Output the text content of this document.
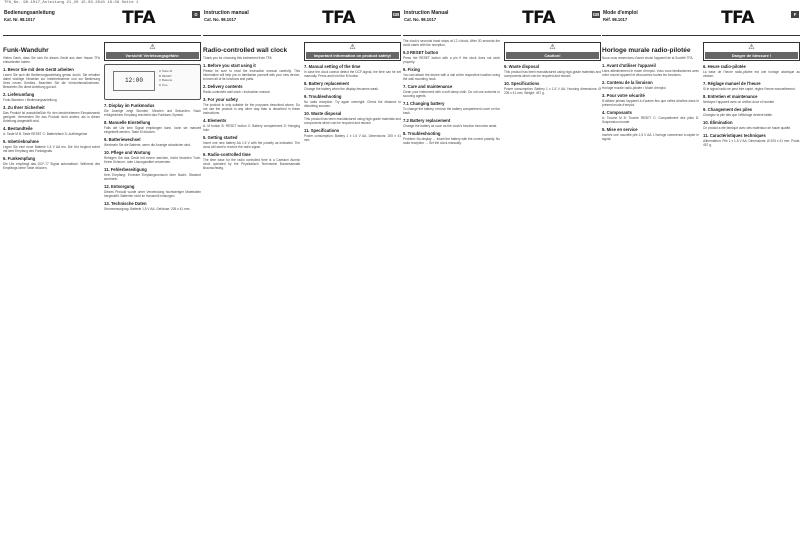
TFA_No. 98.1017_Anleitung 21_20 15.03.2010 16:38 Seite 1
Bedienungsanleitung
Kat. Nr. 98.1017	TFA	D
Funk-Wanduhr
Vielen Dank, dass Sie sich für dieses Gerät aus dem Hause TFA entschieden haben.
1. Bevor Sie mit dem Gerät arbeiten
Lesen Sie sich die Bedienungsanleitung genau durch. Sie erhalten dabei wichtige Hinweise zur Inbetriebnahme und zur Bedienung Ihres neuen Gerätes. Beachten Sie die Vorsichtsmaßnahmen. Bewahren Sie diese Anleitung gut auf.
2. Lieferumfang
Funk-Wanduhr • Bedienungsanleitung
3. Zu Ihrer Sicherheit
Das Produkt ist ausschließlich für den beschriebenen Einsatzzweck geeignet. Verwenden Sie das Produkt nicht anders, als in dieser Anleitung dargestellt wird.
4. Bestandteile
A: Taste M B: Taste RESET C: Batteriefach D: Aufhängeöse
5. Inbetriebnahme
Legen Sie eine neue Batterie 1,5 V AA ein. Die Uhr beginnt sofort mit dem Empfang des Funksignals.
6. Funkempfang
Die Uhr empfängt das DCF-77 Signal automatisch. Während des Empfangs keine Taste drücken.
⚠
Vorsicht! Verletzungsgefahr:
12:00
A Taste M
B RESET
C Batterie
D Öse
7. Display im Funkmodus
Die Anzeige zeigt Stunden, Minuten und Sekunden. Nach erfolgreichem Empfang erscheint das Funkturm-Symbol.
8. Manuelle Einstellung
Falls die Uhr kein Signal empfangen kann, kann sie manuell eingestellt werden. Taste M drücken.
9. Batteriewechsel
Wechseln Sie die Batterie, wenn die Anzeige schwächer wird.
10. Pflege und Wartung
Reinigen Sie das Gerät mit einem weichen, leicht feuchten Tuch. Keine Scheuer- oder Lösungsmittel verwenden.
11. Fehlerbeseitigung
Kein Empfang: Erneuter Empfangsversuch über Nacht. Standort wechseln.
12. Entsorgung
Dieses Produkt wurde unter Verwendung hochwertiger Materialien hergestellt. Batterien nicht im Hausmüll entsorgen.
13. Technische Daten
Stromversorgung: Batterie 1,5 V AA. Gehäuse: 205 x 41 mm.
Instruction manual
Cat. No. 98.1017	TFA	GB
Radio-controlled wall clock
Thank you for choosing this instrument from TFA.
1. Before you start using it
Please be sure to read the instruction manual carefully. This information will help you to familiarise yourself with your new device, to learn all of its functions and parts.
2. Delivery contents
Radio-controlled wall clock • Instruction manual
3. For your safety
The product is only suitable for the purposes described above. Do not use the product in any other way than is described in these instructions.
4. Elements
A: M button B: RESET button C: Battery compartment D: Hanging hole
5. Getting started
Insert one new battery AA 1.5 V with the polarity as indicated. The clock will start to receive the radio signal.
6. Radio-controlled time
The time base for the radio controlled time is a Caesium Atomic clock operated by the Physikalisch Technische Bundesanstalt Braunschweig.
⚠
Important information on product safety!
7. Manual setting of the time
In case the clock cannot detect the DCF-signal, the time can be set manually. Press and hold the M button.
8. Battery replacement
Change the battery when the display becomes weak.
9. Troubleshooting
No radio reception: Try again overnight. Check the distance to disturbing sources.
10. Waste disposal
This product has been manufactured using high-grade materials and components which can be recycled and reused.
11. Specifications
Power consumption: Battery 1 x 1.5 V AA. Dimensions: 205 x 41 mm.
Instruction Manual
Cat. No. 98.1017	TFA	GB
The clock's seconds hand stops at 12 o'clock. After 30 seconds the clock starts with the reception.
5.3 RESET button
Press the RESET button with a pin if the clock does not work properly.
6. Fixing
You can attach the device with a nail at the respective location using the wall mounting hook.
7. Care and maintenance
Clean your instrument with a soft damp cloth. Do not use solvents or scouring agents.
7.1 Changing battery
To change the battery, remove the battery compartment cover on the back.
7.2 Battery replacement
Change the battery as soon as the clock's function becomes weak.
8. Troubleshooting
Problem: No display → Insert the battery with the correct polarity. No radio reception → Set the clock manually.
⚠
Caution!
9. Waste disposal
This product has been manufactured using high-grade materials and components which can be recycled and reused.
10. Specifications
Power consumption: Battery 1 x 1.5 V AA. Housing dimensions: Ø 205 x 41 mm. Weight: 457 g.
Mode d'emploi
Réf. 98.1017	TFA	F
Horloge murale radio-pilotée
Nous vous remercions d'avoir choisi l'appareil de la Société TFA.
1. Avant d'utiliser l'appareil
Lisez attentivement le mode d'emploi. Vous vous familiariserez avec votre nouvel appareil et découvrirez toutes les fonctions.
2. Contenu de la livraison
Horloge murale radio-pilotée • Mode d'emploi
3. Pour votre sécurité
N'utilisez jamais l'appareil à d'autres fins que celles décrites dans le présent mode d'emploi.
4. Composants
A: Touche M B: Touche RESET C: Compartiment des piles D: Suspension murale
5. Mise en service
Insérez une nouvelle pile 1,5 V AA. L'horloge commence à capter le signal.
⚠
Danger de blessure !
6. Heure radio-pilotée
La base de l'heure radio-pilotée est une horloge atomique au césium.
7. Réglage manuel de l'heure
Si le signal radio ne peut être capté, réglez l'heure manuellement.
8. Entretien et maintenance
Nettoyez l'appareil avec un chiffon doux et humide.
9. Changement des piles
Changez la pile dès que l'affichage devient faible.
10. Élimination
Ce produit a été fabriqué avec des matériaux de haute qualité.
11. Caractéristiques techniques
Alimentation: Pile 1 x 1,5 V AA. Dimensions: Ø 205 x 41 mm. Poids: 457 g.
